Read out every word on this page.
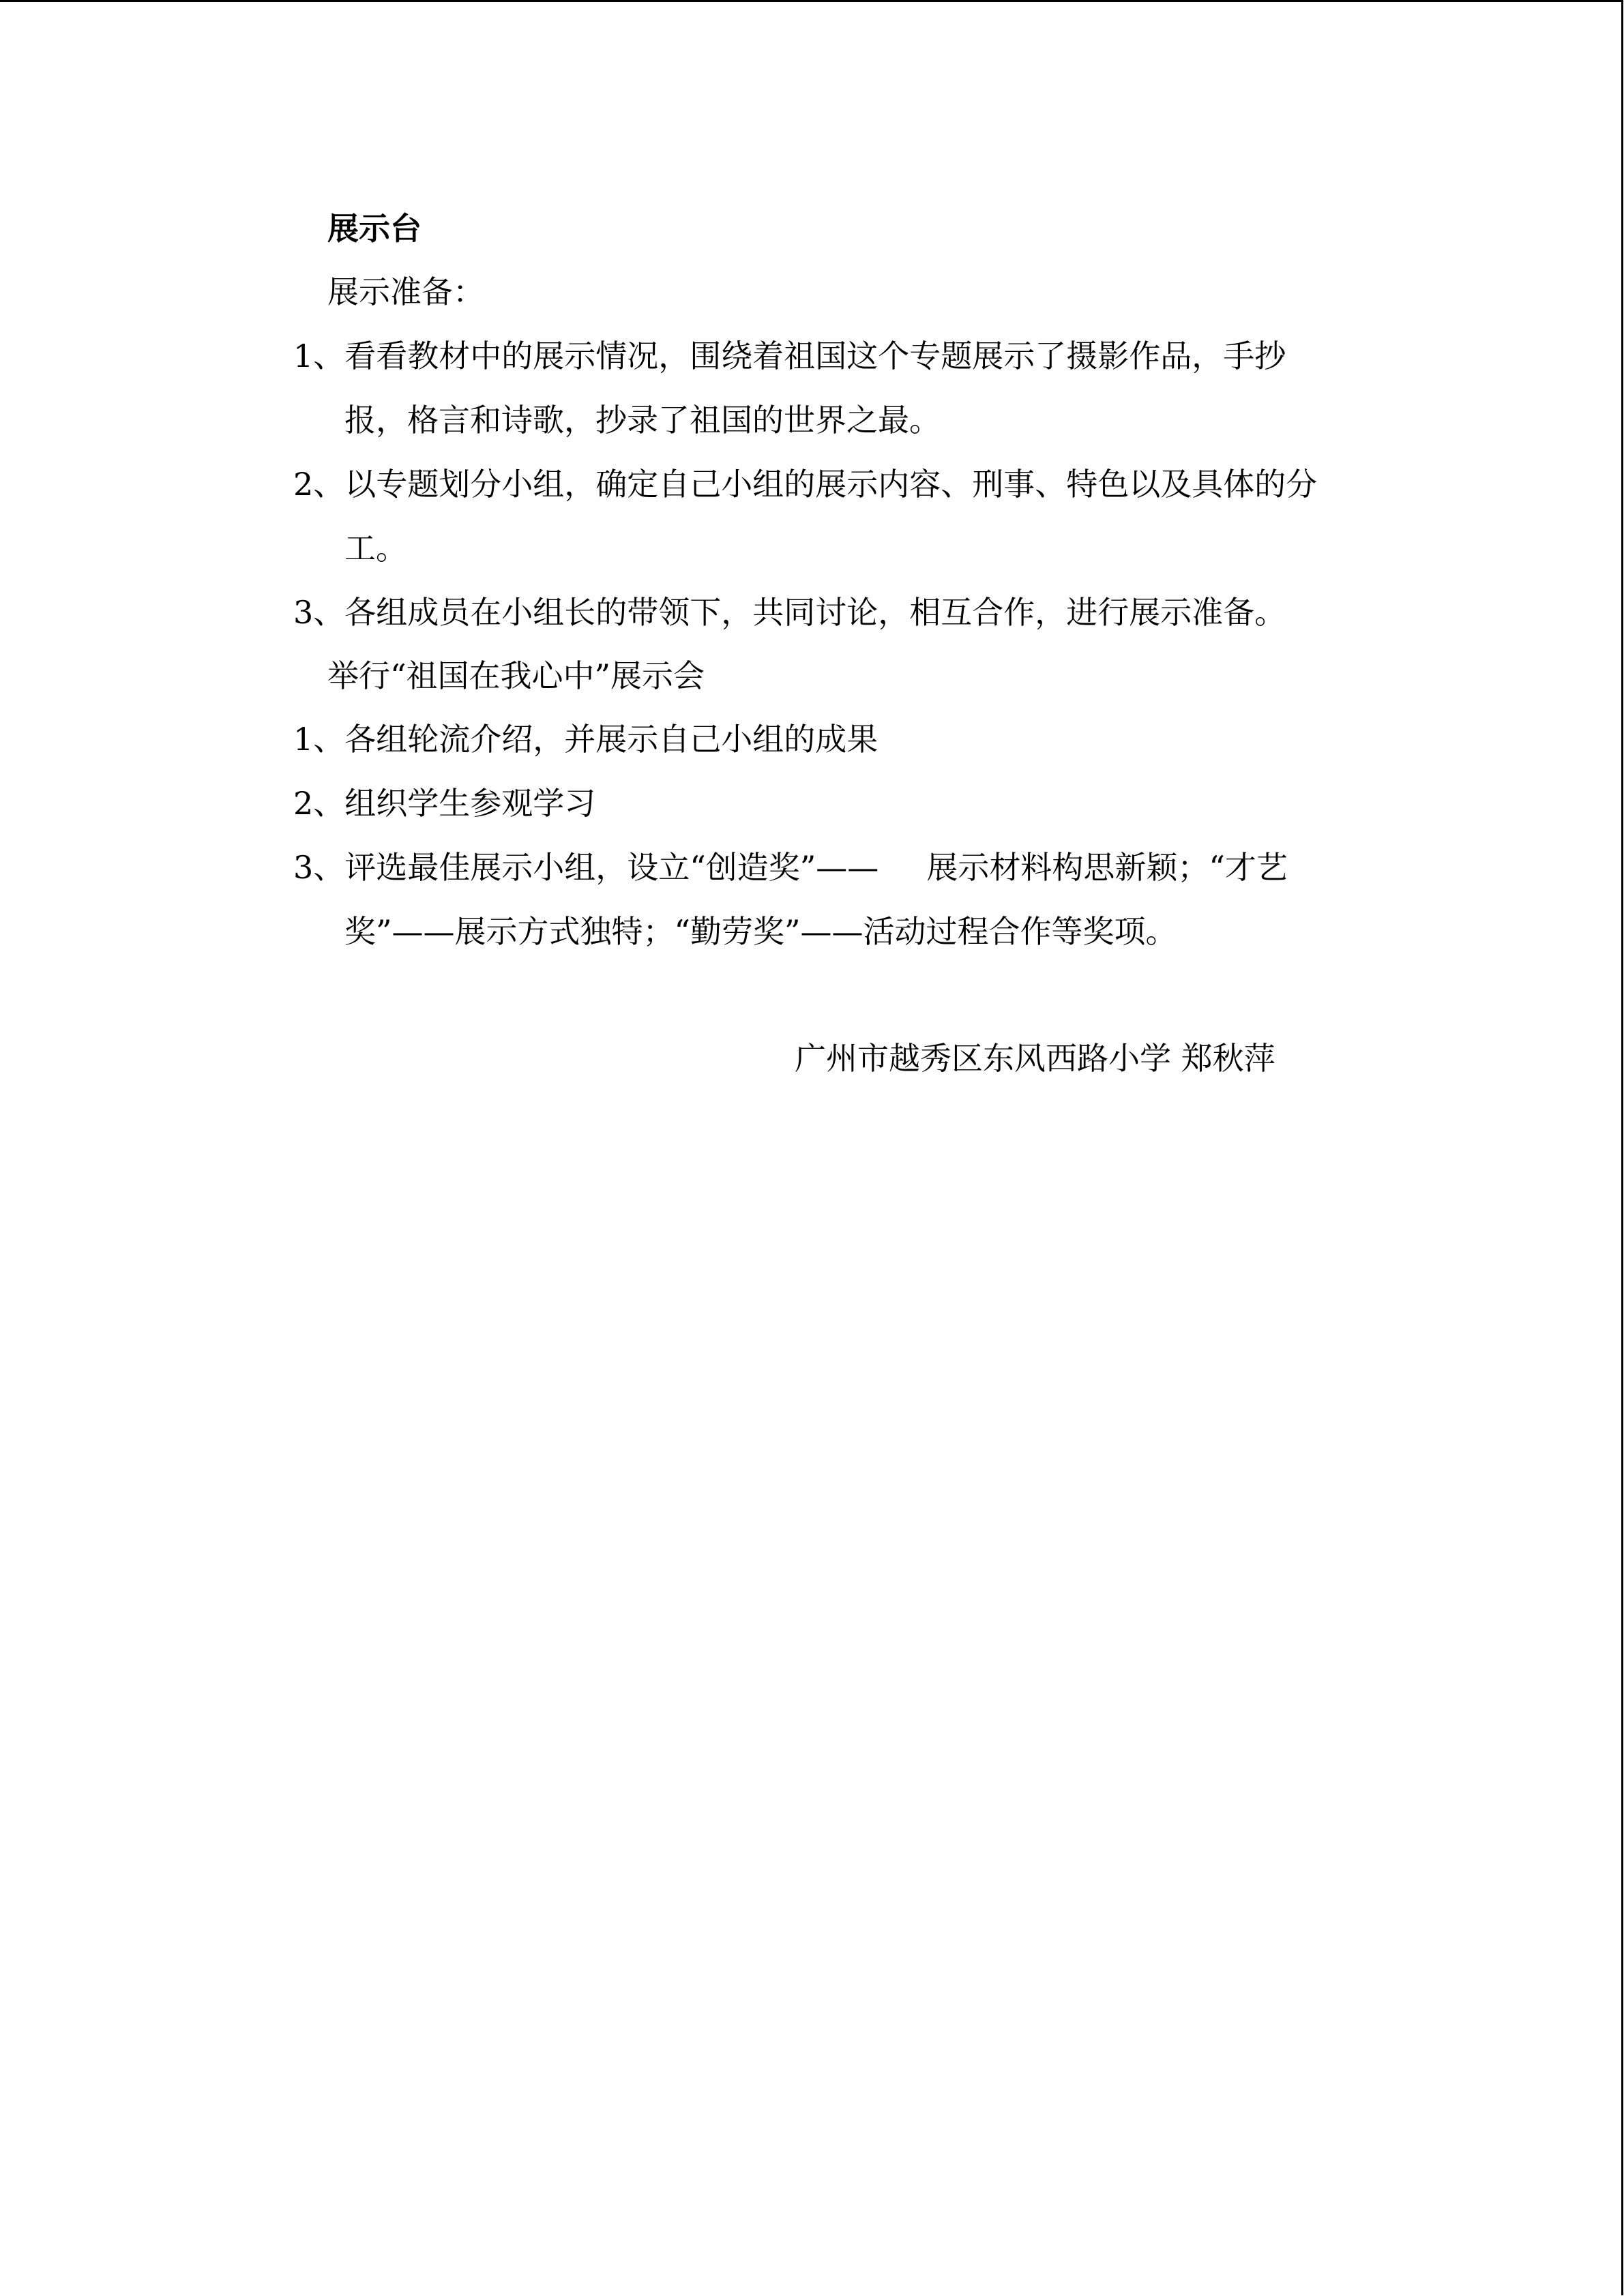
展示台
展示准备：
1、看看教材中的展示情况，围绕着祖国这个专题展示了摄影作品，手抄
报，格言和诗歌，抄录了祖国的世界之最。
2、以专题划分小组，确定自己小组的展示内容、刑事、特色以及具体的分
工。
3、各组成员在小组长的带领下，共同讨论，相互合作，进行展示准备。
举行“祖国在我心中”展示会
1、各组轮流介绍，并展示自己小组的成果
2、组织学生参观学习
3、评选最佳展示小组，设立“创造奖”—— 展示材料构思新颖；“才艺
奖”——展示方式独特；“勤劳奖”——活动过程合作等奖项。
广州市越秀区东风西路小学 郑秋萍
